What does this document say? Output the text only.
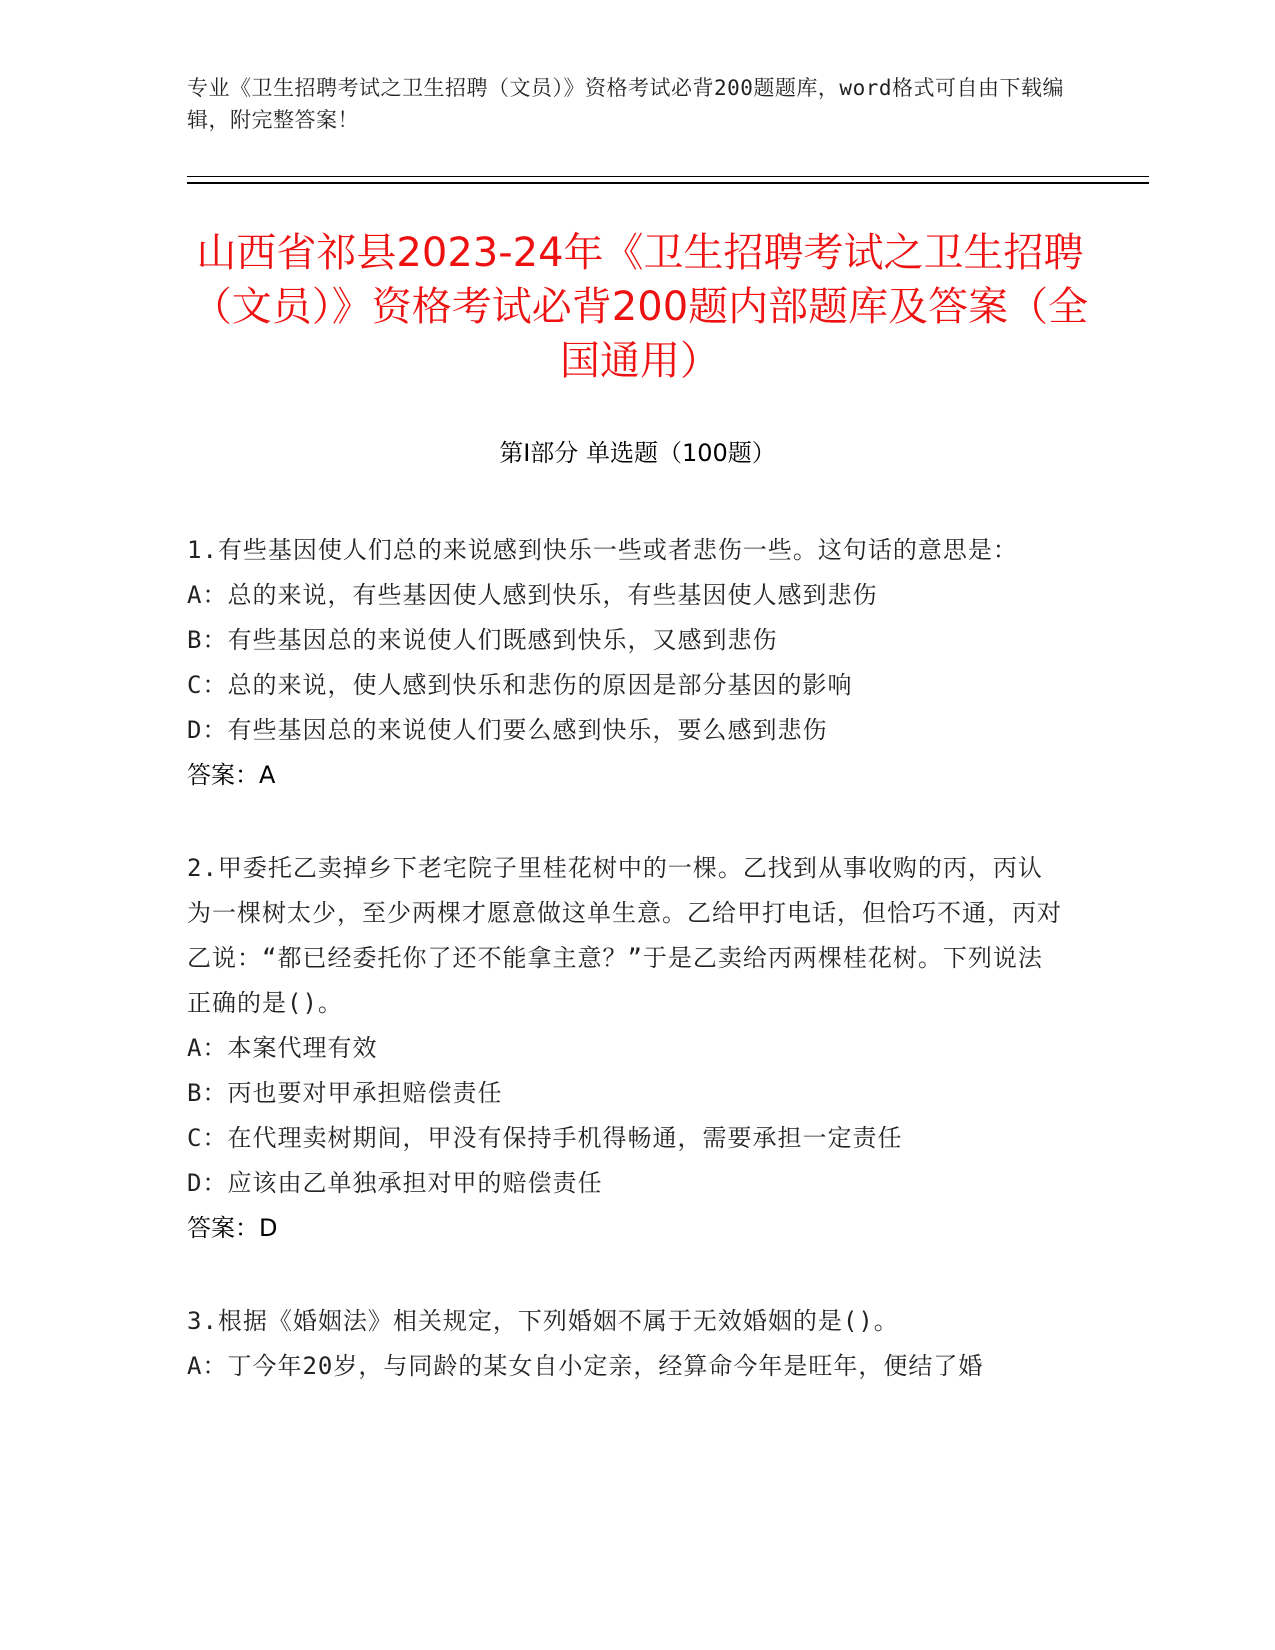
专业《卫生招聘考试之卫生招聘（文员）》资格考试必背200题题库，word格式可自由下载编辑，附完整答案！
山西省祁县2023-24年《卫生招聘考试之卫生招聘（文员）》资格考试必背200题内部题库及答案（全国通用）
第Ⅰ部分 单选题（100题）
1.有些基因使人们总的来说感到快乐一些或者悲伤一些。这句话的意思是：
A：总的来说，有些基因使人感到快乐，有些基因使人感到悲伤
B：有些基因总的来说使人们既感到快乐，又感到悲伤
C：总的来说，使人感到快乐和悲伤的原因是部分基因的影响
D：有些基因总的来说使人们要么感到快乐，要么感到悲伤
答案：A
2.甲委托乙卖掉乡下老宅院子里桂花树中的一棵。乙找到从事收购的丙，丙认为一棵树太少，至少两棵才愿意做这单生意。乙给甲打电话，但恰巧不通，丙对乙说：“都已经委托你了还不能拿主意？”于是乙卖给丙两棵桂花树。下列说法正确的是()。
A：本案代理有效
B：丙也要对甲承担赔偿责任
C：在代理卖树期间，甲没有保持手机得畅通，需要承担一定责任
D：应该由乙单独承担对甲的赔偿责任
答案：D
3.根据《婚姻法》相关规定，下列婚姻不属于无效婚姻的是()。
A：丁今年20岁，与同龄的某女自小定亲，经算命今年是旺年，便结了婚
